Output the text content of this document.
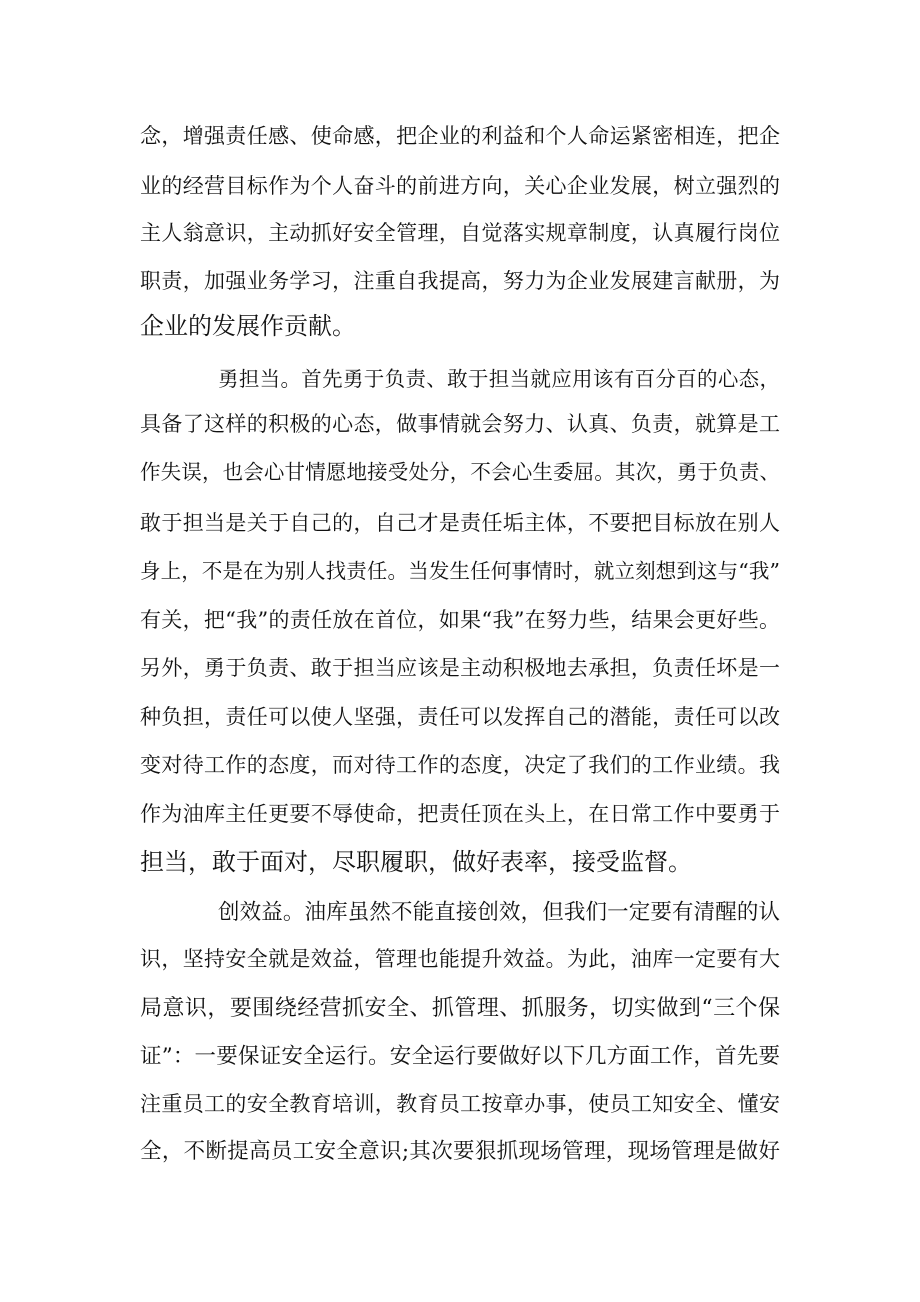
念，增强责任感、使命感，把企业的利益和个人命运紧密相连，把企
业的经营目标作为个人奋斗的前进方向，关心企业发展，树立强烈的
主人翁意识，主动抓好安全管理，自觉落实规章制度，认真履行岗位
职责，加强业务学习，注重自我提高，努力为企业发展建言献册，为
企业的发展作贡献。
勇担当。首先勇于负责、敢于担当就应用该有百分百的心态，
具备了这样的积极的心态，做事情就会努力、认真、负责，就算是工
作失误，也会心甘情愿地接受处分，不会心生委屈。其次，勇于负责、
敢于担当是关于自己的，自己才是责任垢主体，不要把目标放在别人
身上，不是在为别人找责任。当发生任何事情时，就立刻想到这与“我”
有关，把“我”的责任放在首位，如果“我”在努力些，结果会更好些。
另外，勇于负责、敢于担当应该是主动积极地去承担，负责任坏是一
种负担，责任可以使人坚强，责任可以发挥自己的潜能，责任可以改
变对待工作的态度，而对待工作的态度，决定了我们的工作业绩。我
作为油库主任更要不辱使命，把责任顶在头上，在日常工作中要勇于
担当，敢于面对，尽职履职，做好表率，接受监督。
创效益。油库虽然不能直接创效，但我们一定要有清醒的认
识，坚持安全就是效益，管理也能提升效益。为此，油库一定要有大
局意识，要围绕经营抓安全、抓管理、抓服务，切实做到“三个保
证”：一要保证安全运行。安全运行要做好以下几方面工作，首先要
注重员工的安全教育培训，教育员工按章办事，使员工知安全、懂安
全，不断提高员工安全意识;其次要狠抓现场管理，现场管理是做好
